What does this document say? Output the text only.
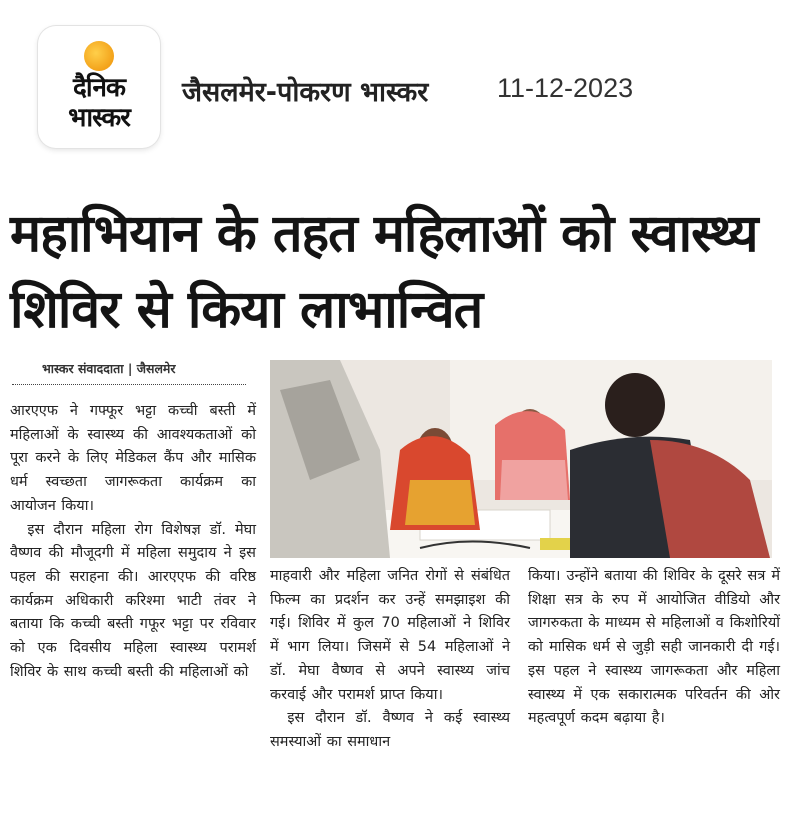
दैनिक
भास्कर
जैसलमेर-पोकरण भास्कर	11-12-2023
महाभियान के तहत महिलाओं को स्वास्थ्य शिविर से किया लाभान्वित
भास्कर संवाददाता | जैसलमेर

आरएएफ ने गफ्फूर भट्टा कच्ची बस्ती में महिलाओं के स्वास्थ्य की आवश्यकताओं को पूरा करने के लिए मेडिकल कैंप और मासिक धर्म स्वच्छता जागरूकता कार्यक्रम का आयोजन किया।

इस दौरान महिला रोग विशेषज्ञ डॉ. मेघा वैष्णव की मौजूदगी में महिला समुदाय ने इस पहल की सराहना की। आरएएफ की वरिष्ठ कार्यक्रम अधिकारी करिश्मा भाटी तंवर ने बताया कि कच्ची बस्ती गफूर भट्टा पर रविवार को एक दिवसीय महिला स्वास्थ्य परामर्श शिविर के साथ कच्ची बस्ती की महिलाओं को

माहवारी और महिला जनित रोगों से संबंधित फिल्म का प्रदर्शन कर उन्हें समझाइश की गई। शिविर में कुल 70 महिलाओं ने शिविर में भाग लिया। जिसमें से 54 महिलाओं ने डॉ. मेघा वैष्णव से अपने स्वास्थ्य जांच करवाई और परामर्श प्राप्त किया।

इस दौरान डॉ. वैष्णव ने कई स्वास्थ्य समस्याओं का समाधान

किया। उन्होंने बताया की शिविर के दूसरे सत्र में शिक्षा सत्र के रुप में आयोजित वीडियो और जागरुकता के माध्यम से महिलाओं व किशोरियों को मासिक धर्म से जुड़ी सही जानकारी दी गई। इस पहल ने स्वास्थ्य जागरूकता और महिला स्वास्थ्य में एक सकारात्मक परिवर्तन की ओर महत्वपूर्ण कदम बढ़ाया है।
